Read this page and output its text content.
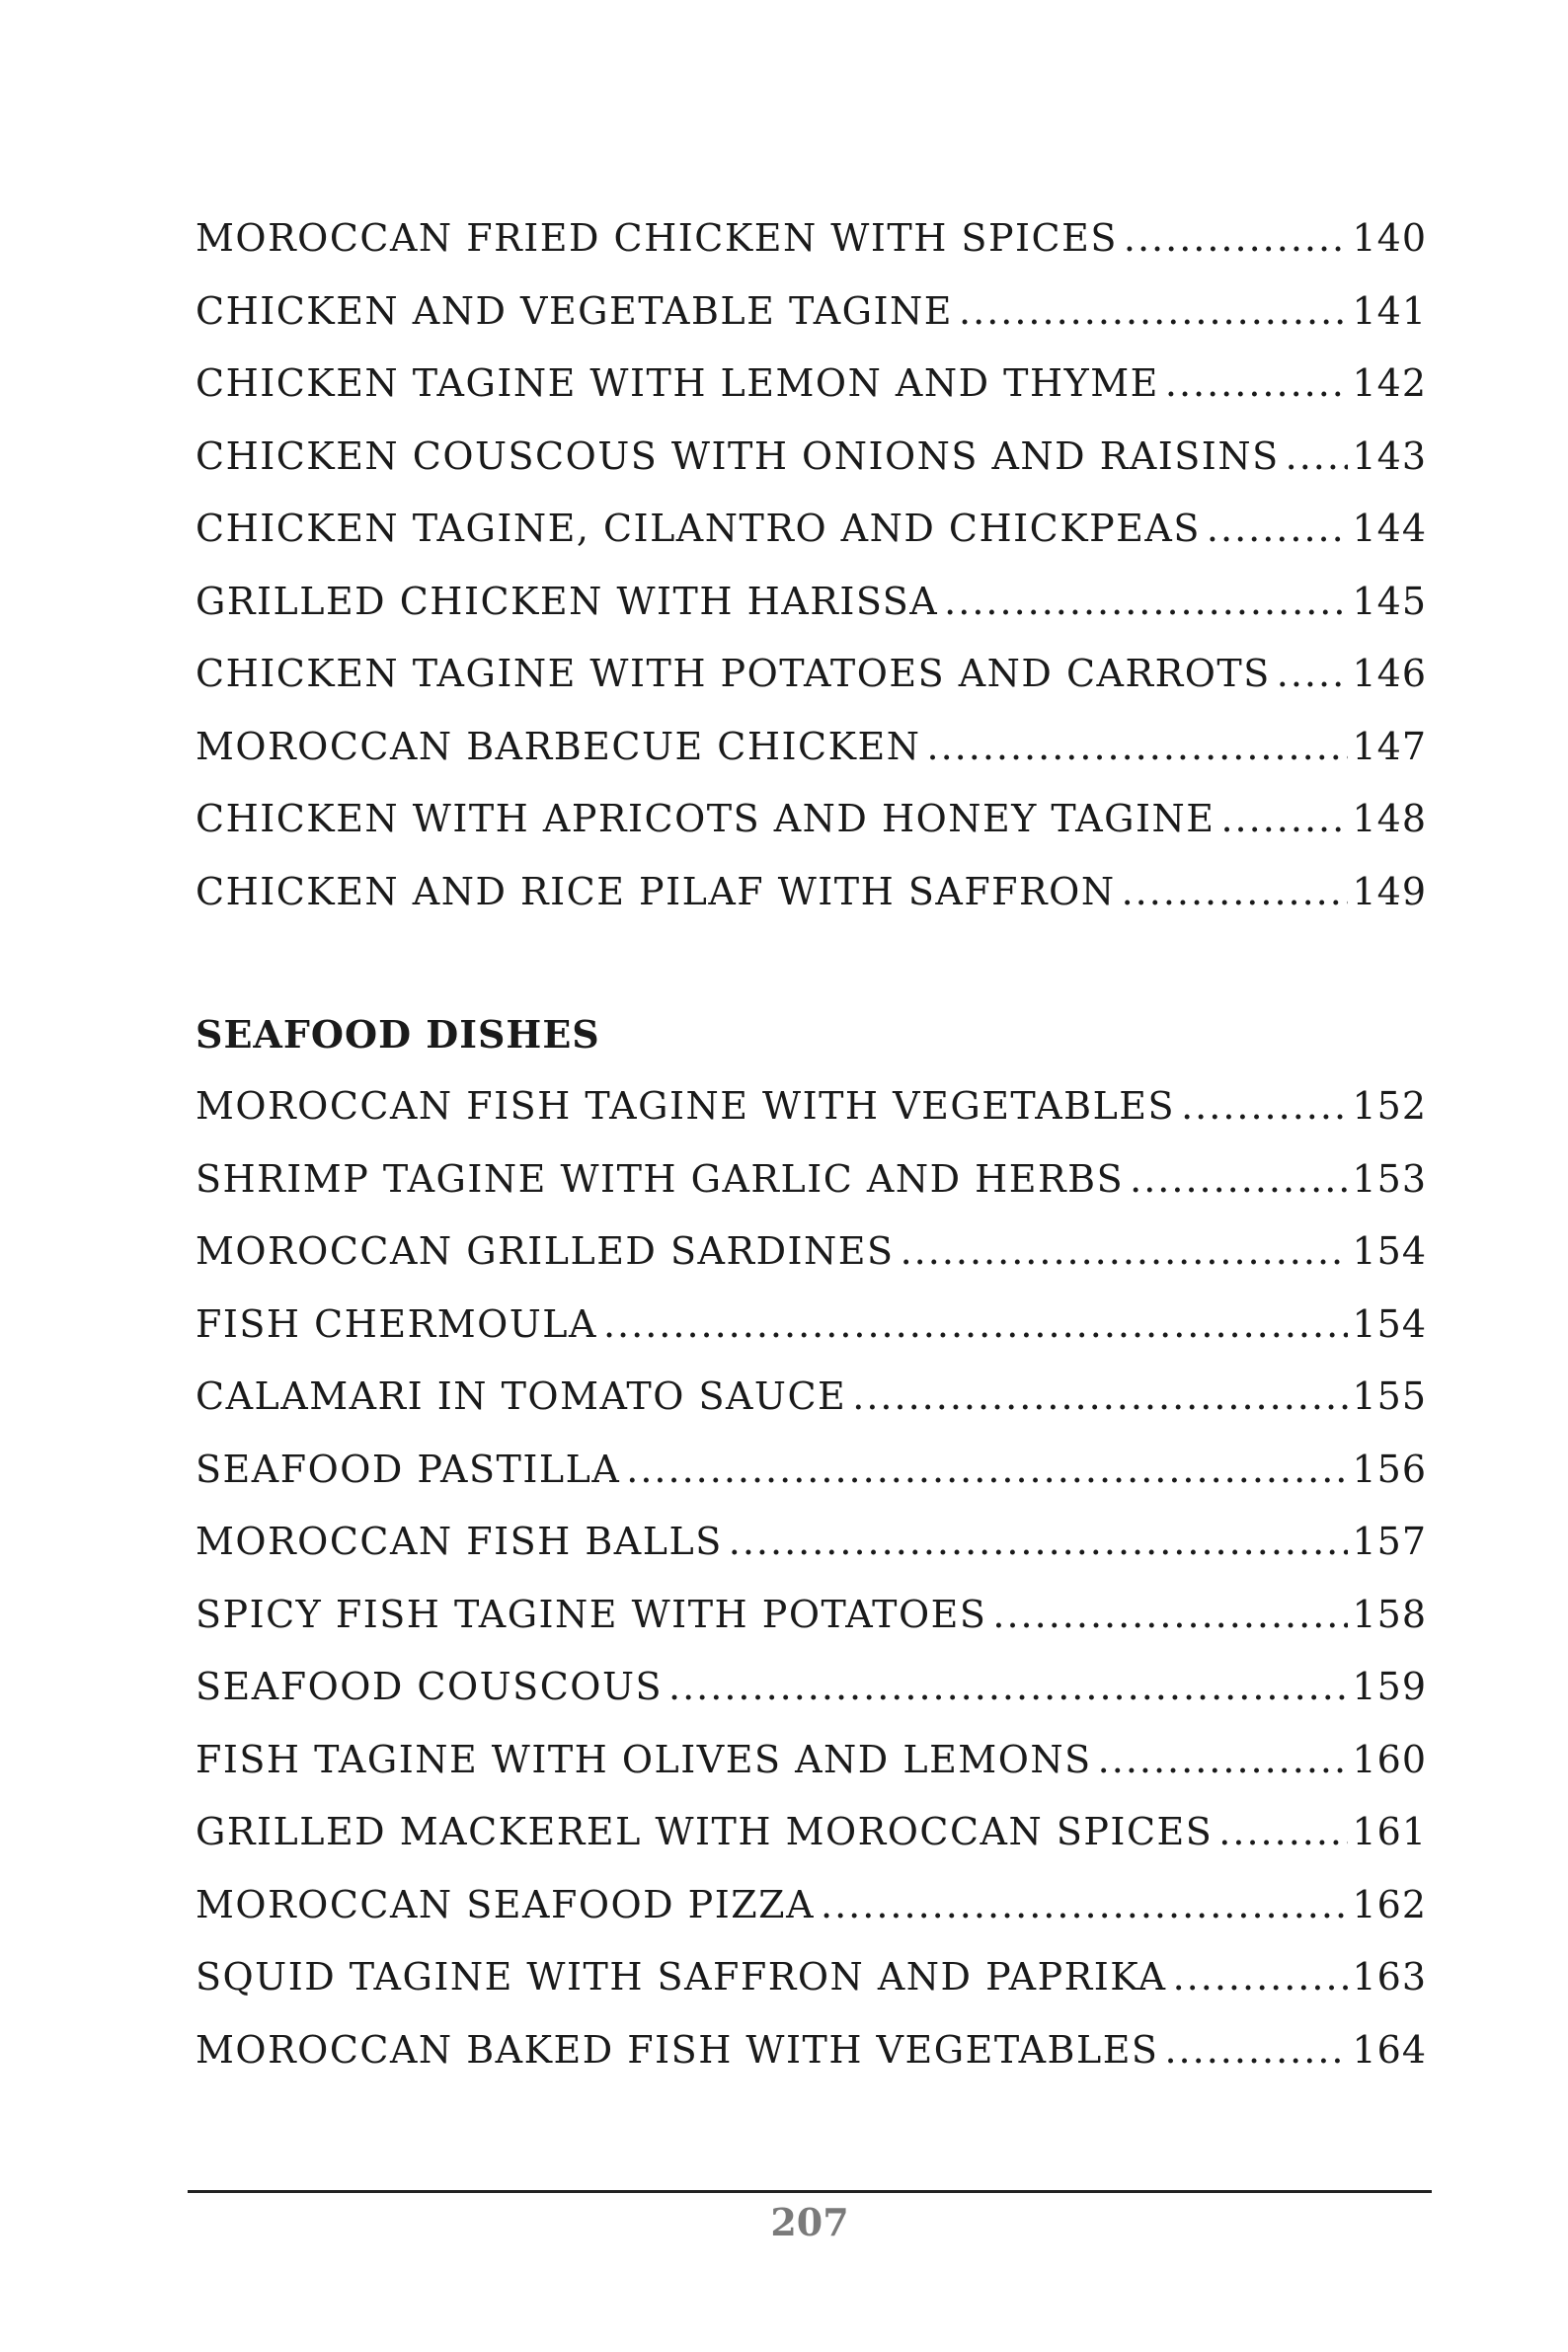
MOROCCAN FRIED CHICKEN WITH SPICES .....	140
CHICKEN AND VEGETABLE TAGINE .....	141
CHICKEN TAGINE WITH LEMON AND THYME .....	142
CHICKEN COUSCOUS WITH ONIONS AND RAISINS ..... 143
CHICKEN TAGINE, CILANTRO AND CHICKPEAS .....	144
GRILLED CHICKEN WITH HARISSA .....	145
CHICKEN TAGINE WITH POTATOES AND CARROTS ..... 146
MOROCCAN BARBECUE CHICKEN .....	147
CHICKEN WITH APRICOTS AND HONEY TAGINE .....	148
CHICKEN AND RICE PILAF WITH SAFFRON .....	149
SEAFOOD DISHES
MOROCCAN FISH TAGINE WITH VEGETABLES .....	152
SHRIMP TAGINE WITH GARLIC AND HERBS .....	153
MOROCCAN GRILLED SARDINES .....	154
FISH CHERMOULA .....	154
CALAMARI IN TOMATO SAUCE .....	155
SEAFOOD PASTILLA .....	156
MOROCCAN FISH BALLS .....	157
SPICY FISH TAGINE WITH POTATOES .....	158
SEAFOOD COUSCOUS .....	159
FISH TAGINE WITH OLIVES AND LEMONS .....	160
GRILLED MACKEREL WITH MOROCCAN SPICES .....	161
MOROCCAN SEAFOOD PIZZA .....	162
SQUID TAGINE WITH SAFFRON AND PAPRIKA .....	163
MOROCCAN BAKED FISH WITH VEGETABLES .....	164
207
